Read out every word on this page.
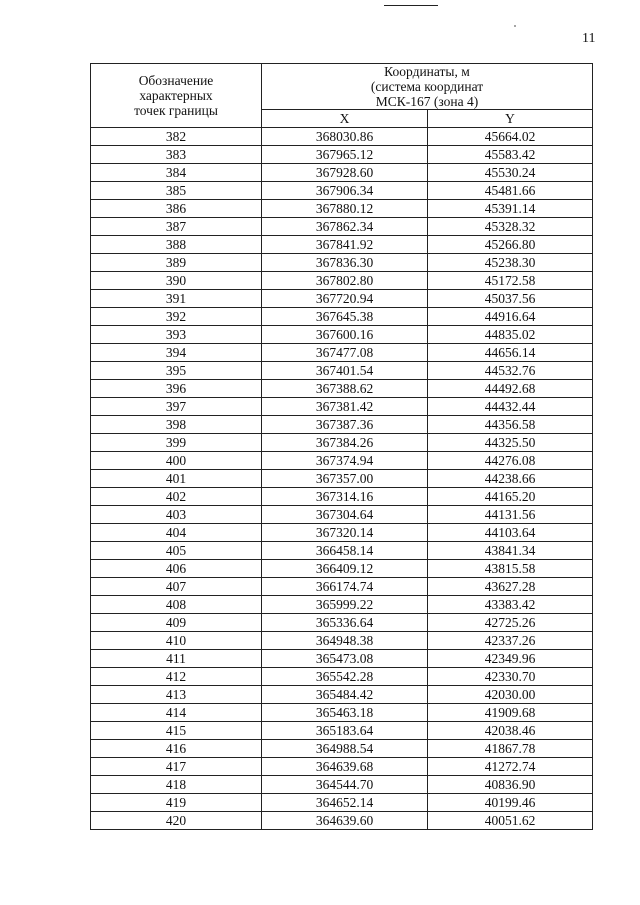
11
Обозначение
характерных
точек границы	Координаты, м
(система координат
МСК-167 (зона 4)	

	X	Y
382	368030.86	45664.02
383	367965.12	45583.42
384	367928.60	45530.24
385	367906.34	45481.66
386	367880.12	45391.14
387	367862.34	45328.32
388	367841.92	45266.80
389	367836.30	45238.30
390	367802.80	45172.58
391	367720.94	45037.56
392	367645.38	44916.64
393	367600.16	44835.02
394	367477.08	44656.14
395	367401.54	44532.76
396	367388.62	44492.68
397	367381.42	44432.44
398	367387.36	44356.58
399	367384.26	44325.50
400	367374.94	44276.08
401	367357.00	44238.66
402	367314.16	44165.20
403	367304.64	44131.56
404	367320.14	44103.64
405	366458.14	43841.34
406	366409.12	43815.58
407	366174.74	43627.28
408	365999.22	43383.42
409	365336.64	42725.26
410	364948.38	42337.26
411	365473.08	42349.96
412	365542.28	42330.70
413	365484.42	42030.00
414	365463.18	41909.68
415	365183.64	42038.46
416	364988.54	41867.78
417	364639.68	41272.74
418	364544.70	40836.90
419	364652.14	40199.46
420	364639.60	40051.62
